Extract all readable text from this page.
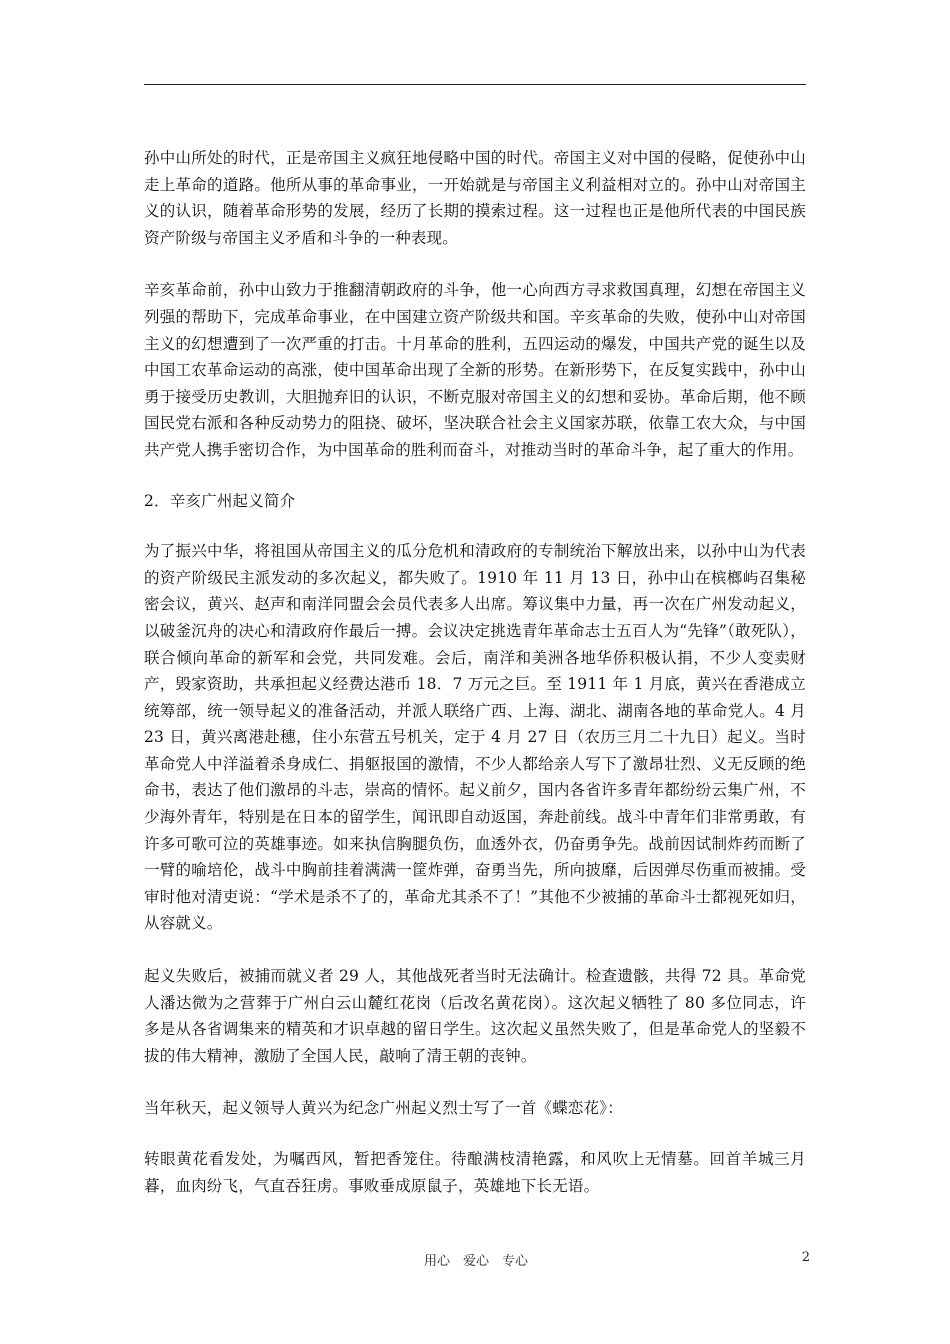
孙中山所处的时代，正是帝国主义疯狂地侵略中国的时代。帝国主义对中国的侵略，促使孙中山走上革命的道路。他所从事的革命事业，一开始就是与帝国主义利益相对立的。孙中山对帝国主义的认识，随着革命形势的发展，经历了长期的摸索过程。这一过程也正是他所代表的中国民族资产阶级与帝国主义矛盾和斗争的一种表现。

辛亥革命前，孙中山致力于推翻清朝政府的斗争，他一心向西方寻求救国真理，幻想在帝国主义列强的帮助下，完成革命事业，在中国建立资产阶级共和国。辛亥革命的失败，使孙中山对帝国主义的幻想遭到了一次严重的打击。十月革命的胜利，五四运动的爆发，中国共产党的诞生以及中国工农革命运动的高涨，使中国革命出现了全新的形势。在新形势下，在反复实践中，孙中山勇于接受历史教训，大胆抛弃旧的认识，不断克服对帝国主义的幻想和妥协。革命后期，他不顾国民党右派和各种反动势力的阻挠、破坏，坚决联合社会主义国家苏联，依靠工农大众，与中国共产党人携手密切合作，为中国革命的胜利而奋斗，对推动当时的革命斗争，起了重大的作用。

2．辛亥广州起义简介

为了振兴中华，将祖国从帝国主义的瓜分危机和清政府的专制统治下解放出来，以孙中山为代表的资产阶级民主派发动的多次起义，都失败了。1910 年 11 月 13 日，孙中山在槟榔屿召集秘密会议，黄兴、赵声和南洋同盟会会员代表多人出席。筹议集中力量，再一次在广州发动起义，以破釜沉舟的决心和清政府作最后一搏。会议决定挑选青年革命志士五百人为“先锋”（敢死队），联合倾向革命的新军和会党，共同发难。会后，南洋和美洲各地华侨积极认捐，不少人变卖财产，毁家资助，共承担起义经费达港币 18．7 万元之巨。至 1911 年 1 月底，黄兴在香港成立统筹部，统一领导起义的准备活动，并派人联络广西、上海、湖北、湖南各地的革命党人。4 月 23 日，黄兴离港赴穗，住小东营五号机关，定于 4 月 27 日（农历三月二十九日）起义。当时革命党人中洋溢着杀身成仁、捐躯报国的激情，不少人都给亲人写下了激昂壮烈、义无反顾的绝命书，表达了他们激昂的斗志，崇高的情怀。起义前夕，国内各省许多青年都纷纷云集广州，不少海外青年，特别是在日本的留学生，闻讯即自动返国，奔赴前线。战斗中青年们非常勇敢，有许多可歌可泣的英雄事迹。如来执信胸腿负伤，血透外衣，仍奋勇争先。战前因试制炸药而断了一臂的喻培伦，战斗中胸前挂着满满一筐炸弹，奋勇当先，所向披靡，后因弹尽伤重而被捕。受审时他对清吏说：“学术是杀不了的，革命尤其杀不了！”其他不少被捕的革命斗士都视死如归，从容就义。

起义失败后，被捕而就义者 29 人，其他战死者当时无法确计。检查遗骸，共得 72 具。革命党人潘达微为之营葬于广州白云山麓红花岗（后改名黄花岗）。这次起义牺牲了 80 多位同志，许多是从各省调集来的精英和才识卓越的留日学生。这次起义虽然失败了，但是革命党人的坚毅不拔的伟大精神，激励了全国人民，敲响了清王朝的丧钟。

当年秋天，起义领导人黄兴为纪念广州起义烈士写了一首《蝶恋花》：

转眼黄花看发处，为嘱西风，暂把香笼住。待酿满枝清艳露，和风吹上无情墓。回首羊城三月暮，血肉纷飞，气直吞狂虏。事败垂成原鼠子，英雄地下长无语。

用心　爱心　专心	2
